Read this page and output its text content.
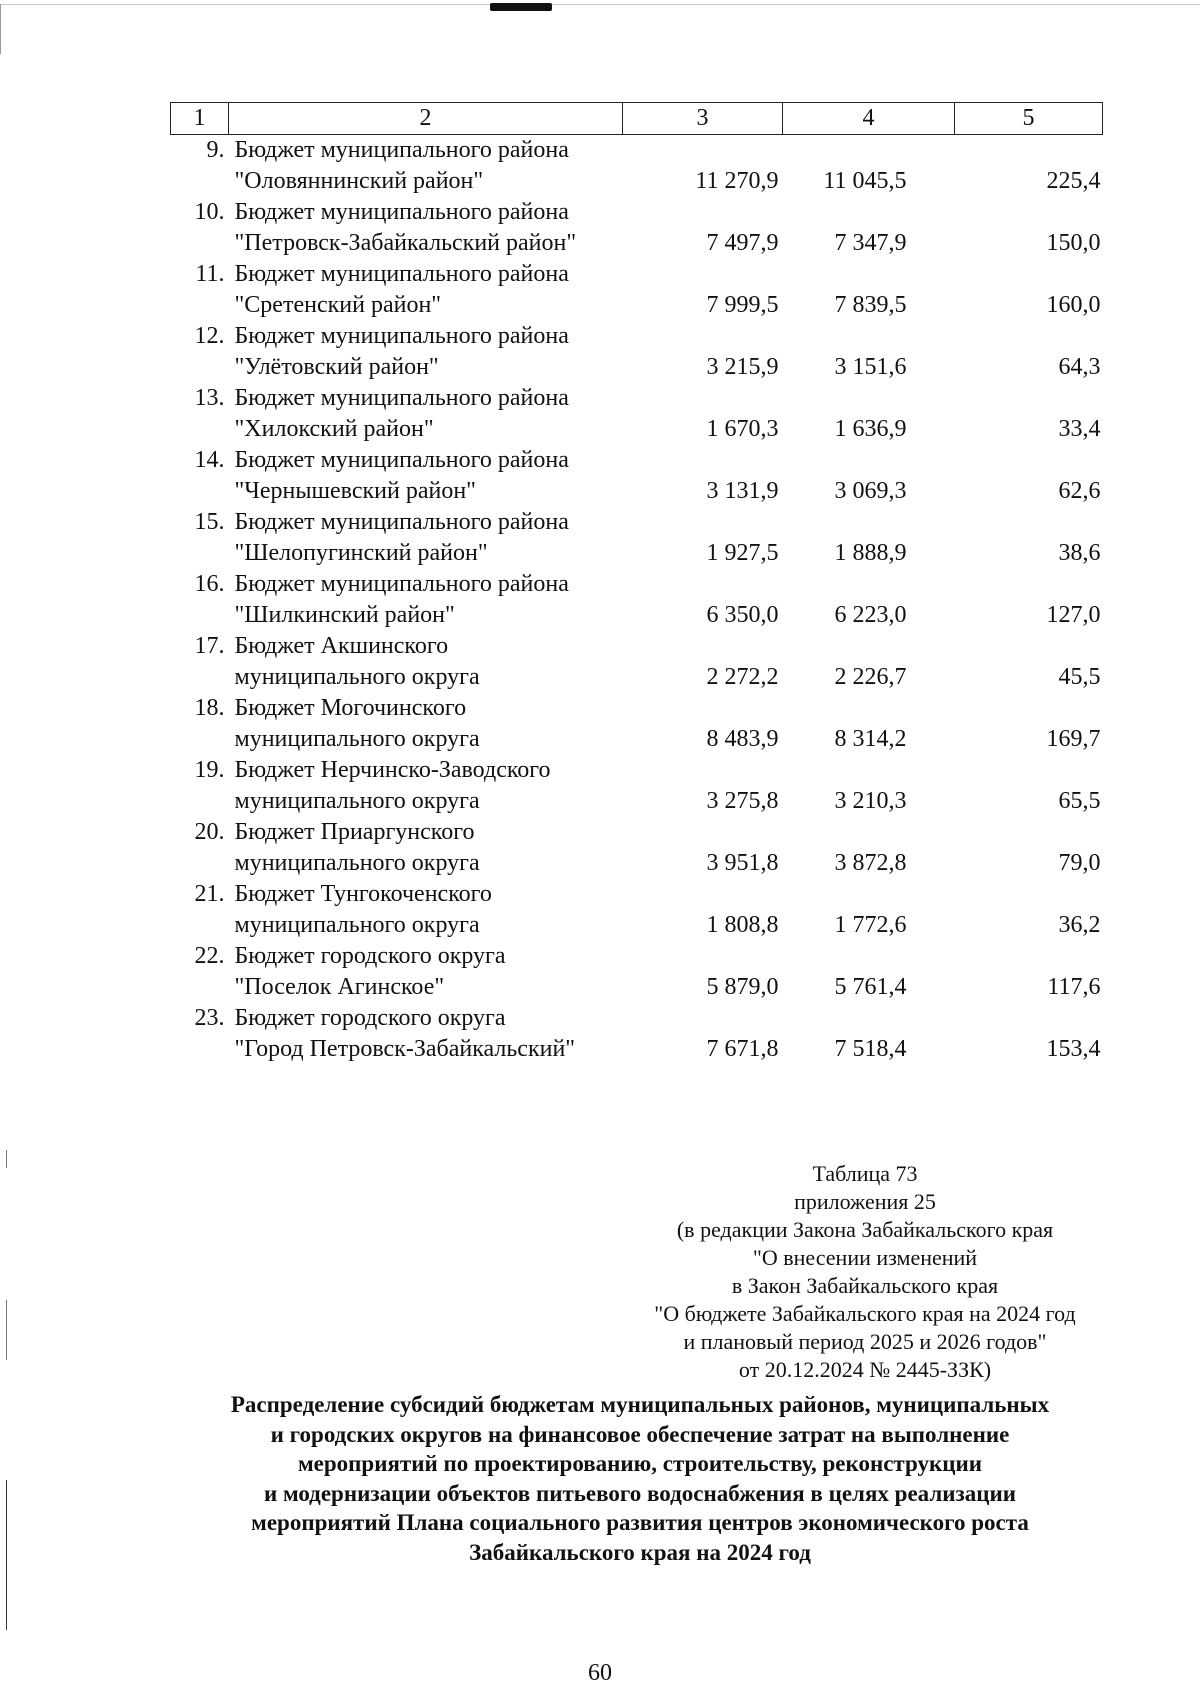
1	2	3	4	5
9.	Бюджет муниципального района
"Оловяннинский район"	11 270,9	11 045,5	225,4
10.	Бюджет муниципального района
"Петровск-Забайкальский район"	7 497,9	7 347,9	150,0
11.	Бюджет муниципального района
"Сретенский район"	7 999,5	7 839,5	160,0
12.	Бюджет муниципального района
"Улётовский район"	3 215,9	3 151,6	64,3
13.	Бюджет муниципального района
"Хилокский район"	1 670,3	1 636,9	33,4
14.	Бюджет муниципального района
"Чернышевский район"	3 131,9	3 069,3	62,6
15.	Бюджет муниципального района
"Шелопугинский район"	1 927,5	1 888,9	38,6
16.	Бюджет муниципального района
"Шилкинский район"	6 350,0	6 223,0	127,0
17.	Бюджет Акшинского
муниципального округа	2 272,2	2 226,7	45,5
18.	Бюджет Могочинского
муниципального округа	8 483,9	8 314,2	169,7
19.	Бюджет Нерчинско-Заводского
муниципального округа	3 275,8	3 210,3	65,5
20.	Бюджет Приаргунского
муниципального округа	3 951,8	3 872,8	79,0
21.	Бюджет Тунгокоченского
муниципального округа	1 808,8	1 772,6	36,2
22.	Бюджет городского округа
"Поселок Агинское"	5 879,0	5 761,4	117,6
23.	Бюджет городского округа
"Город Петровск-Забайкальский"	7 671,8	7 518,4	153,4
Таблица 73
приложения 25
(в редакции Закона Забайкальского края
"О внесении изменений
в Закон Забайкальского края
"О бюджете Забайкальского края на 2024 год
и плановый период 2025 и 2026 годов"
от 20.12.2024 № 2445-ЗЗК)
Распределение субсидий бюджетам муниципальных районов, муниципальных
и городских округов на финансовое обеспечение затрат на выполнение
мероприятий по проектированию, строительству, реконструкции
и модернизации объектов питьевого водоснабжения в целях реализации
мероприятий Плана социального развития центров экономического роста
Забайкальского края на 2024 год
60
